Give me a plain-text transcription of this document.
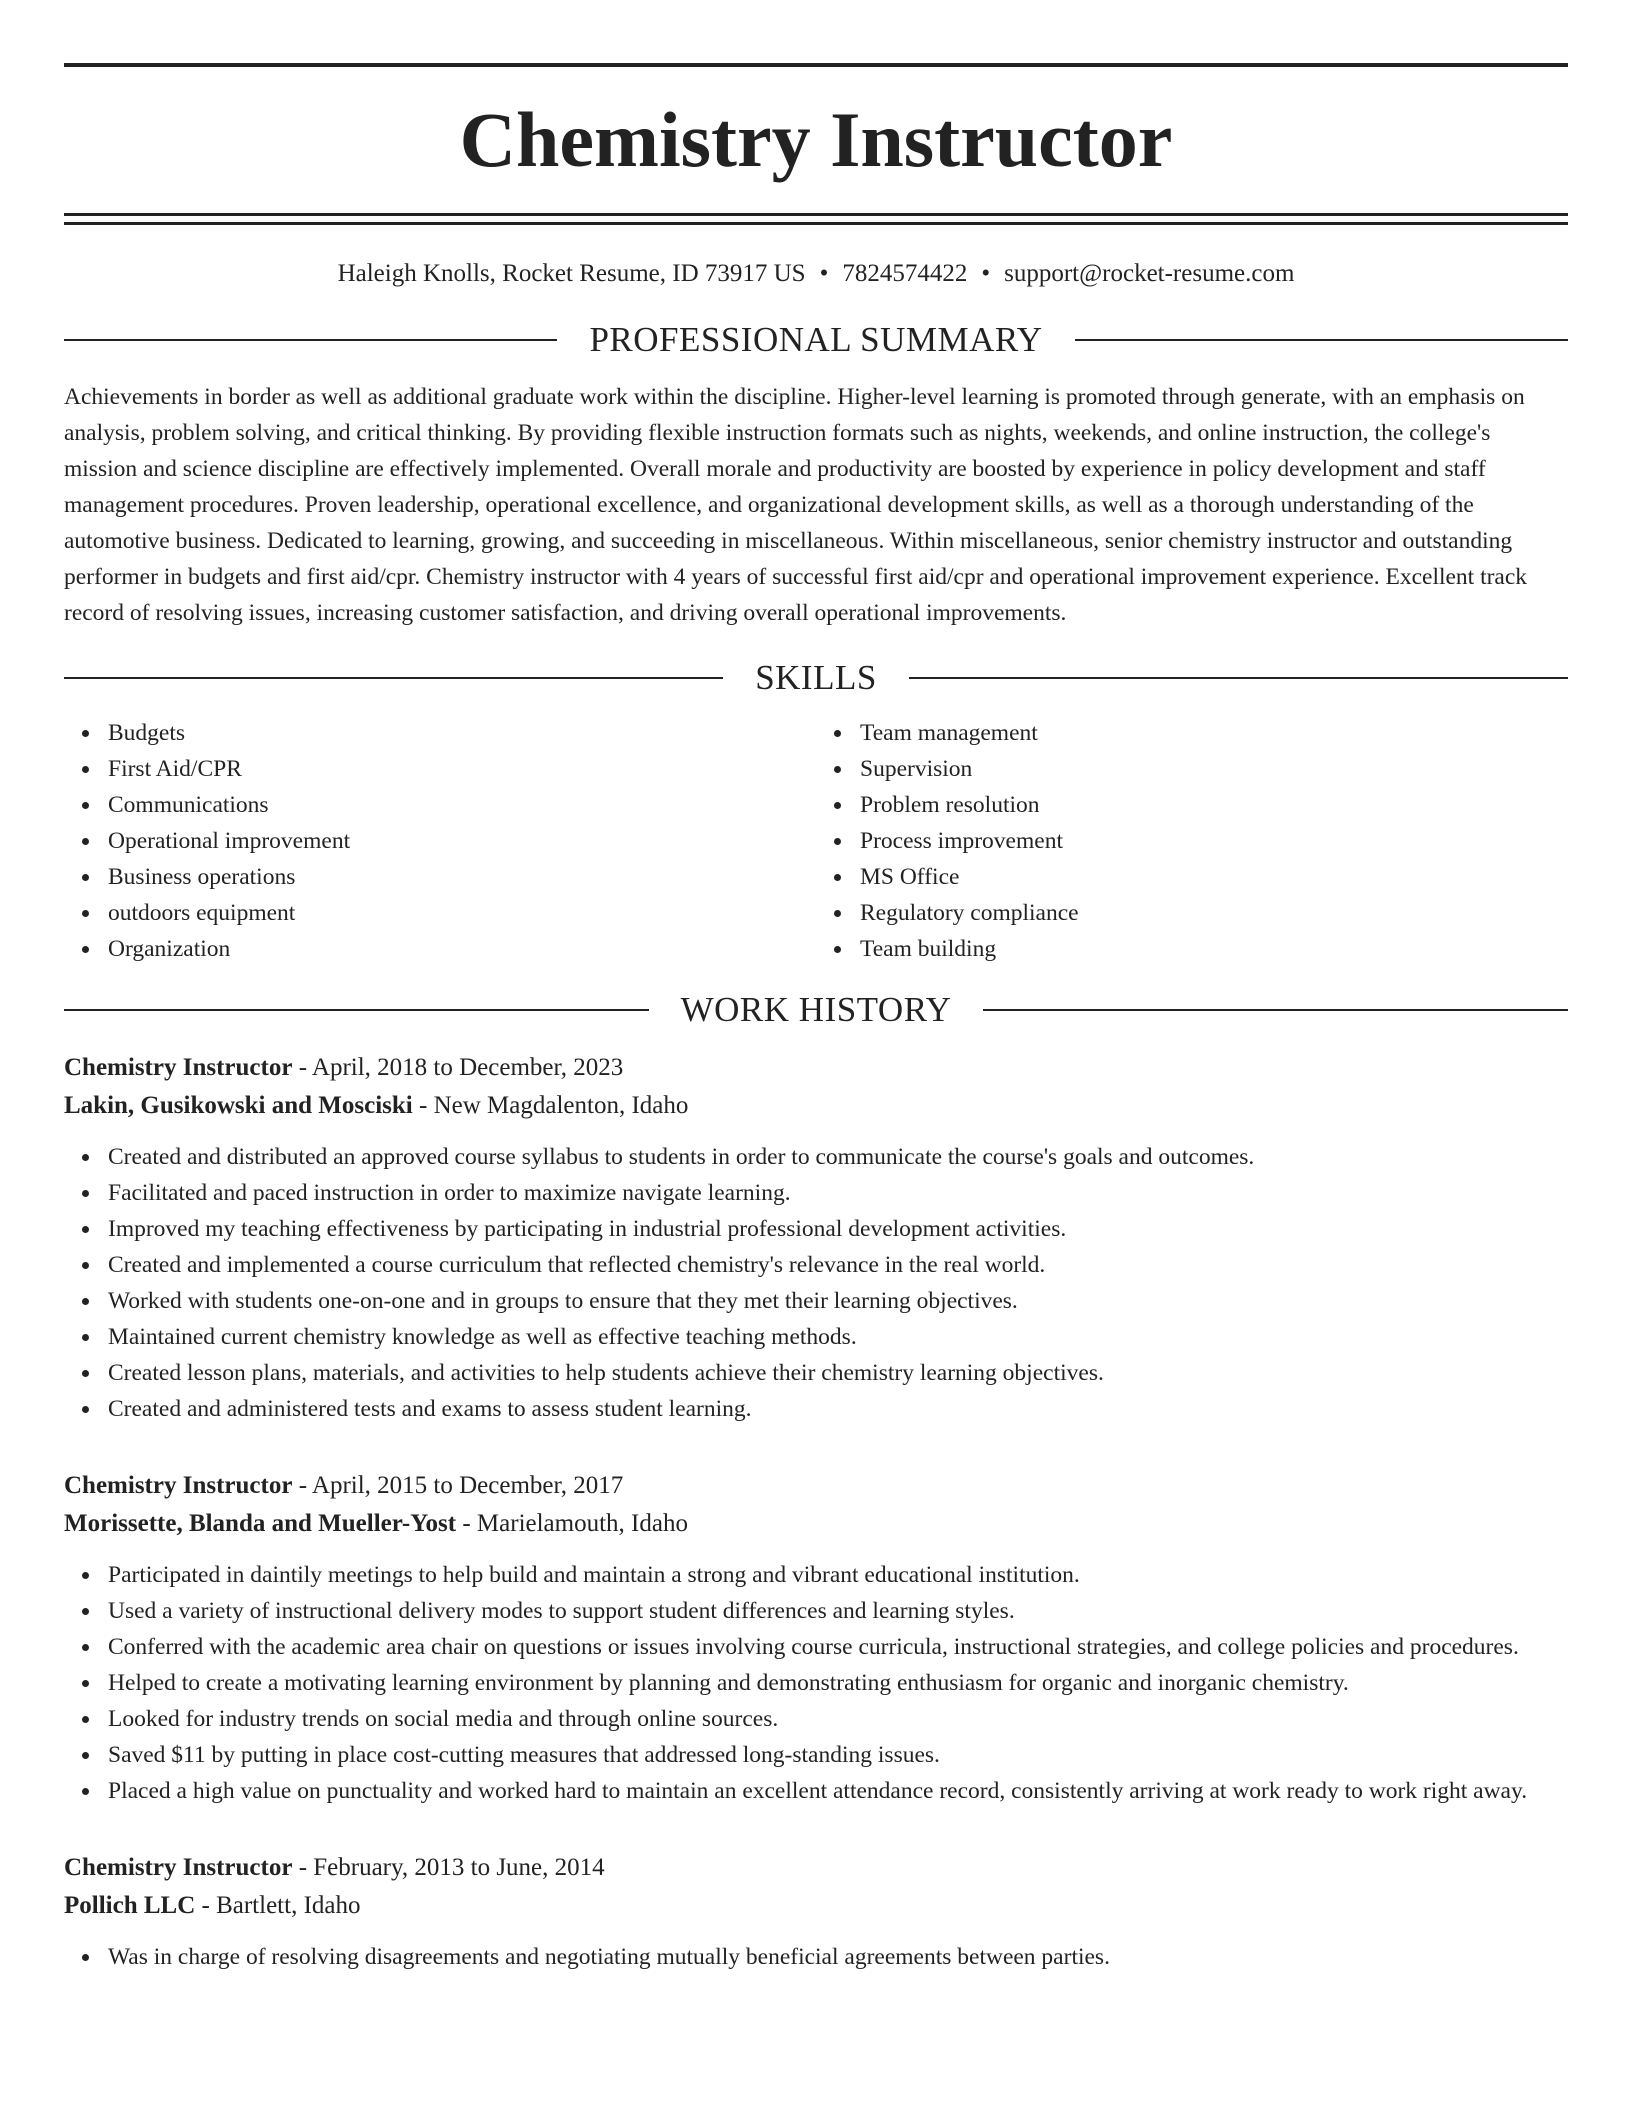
Chemistry Instructor
Haleigh Knolls, Rocket Resume, ID 73917 US • 7824574422 • support@rocket-resume.com
PROFESSIONAL SUMMARY

Achievements in border as well as additional graduate work within the discipline. Higher-level learning is promoted through generate, with an emphasis on analysis, problem solving, and critical thinking. By providing flexible instruction formats such as nights, weekends, and online instruction, the college's mission and science discipline are effectively implemented. Overall morale and productivity are boosted by experience in policy development and staff management procedures. Proven leadership, operational excellence, and organizational development skills, as well as a thorough understanding of the automotive business. Dedicated to learning, growing, and succeeding in miscellaneous. Within miscellaneous, senior chemistry instructor and outstanding performer in budgets and first aid/cpr. Chemistry instructor with 4 years of successful first aid/cpr and operational improvement experience. Excellent track record of resolving issues, increasing customer satisfaction, and driving overall operational improvements.

SKILLS
Budgets
First Aid/CPR
Communications
Operational improvement
Business operations
outdoors equipment
Organization
Team management
Supervision
Problem resolution
Process improvement
MS Office
Regulatory compliance
Team building
WORK HISTORY
Chemistry Instructor - April, 2018 to December, 2023
Lakin, Gusikowski and Mosciski - New Magdalenton, Idaho
Created and distributed an approved course syllabus to students in order to communicate the course's goals and outcomes.
Facilitated and paced instruction in order to maximize navigate learning.
Improved my teaching effectiveness by participating in industrial professional development activities.
Created and implemented a course curriculum that reflected chemistry's relevance in the real world.
Worked with students one-on-one and in groups to ensure that they met their learning objectives.
Maintained current chemistry knowledge as well as effective teaching methods.
Created lesson plans, materials, and activities to help students achieve their chemistry learning objectives.
Created and administered tests and exams to assess student learning.
Chemistry Instructor - April, 2015 to December, 2017
Morissette, Blanda and Mueller-Yost - Marielamouth, Idaho
Participated in daintily meetings to help build and maintain a strong and vibrant educational institution.
Used a variety of instructional delivery modes to support student differences and learning styles.
Conferred with the academic area chair on questions or issues involving course curricula, instructional strategies, and college policies and procedures.
Helped to create a motivating learning environment by planning and demonstrating enthusiasm for organic and inorganic chemistry.
Looked for industry trends on social media and through online sources.
Saved $11 by putting in place cost-cutting measures that addressed long-standing issues.
Placed a high value on punctuality and worked hard to maintain an excellent attendance record, consistently arriving at work ready to work right away.
Chemistry Instructor - February, 2013 to June, 2014
Pollich LLC - Bartlett, Idaho
Was in charge of resolving disagreements and negotiating mutually beneficial agreements between parties.
